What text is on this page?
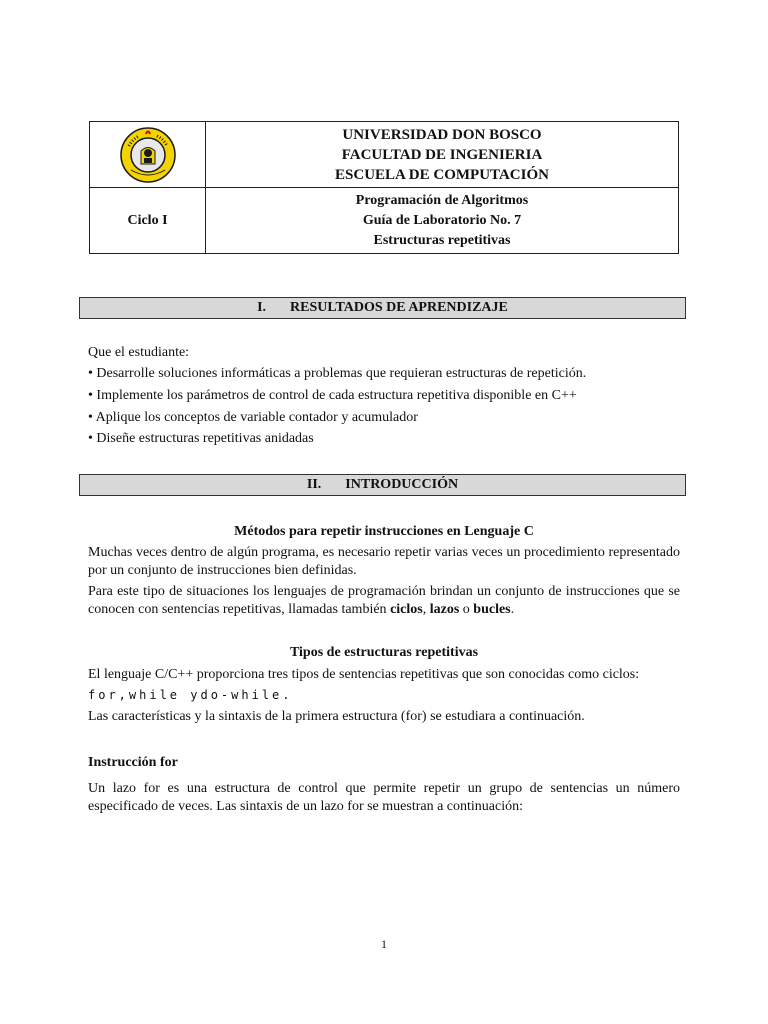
UNIVERSIDAD DON BOSCO
FACULTAD DE INGENIERIA
ESCUELA DE COMPUTACIÓN
Ciclo I
Programación de Algoritmos
Guía de Laboratorio No. 7
Estructuras repetitivas
I. RESULTADOS DE APRENDIZAJE
Que el estudiante:
• Desarrolle soluciones informáticas a problemas que requieran estructuras de repetición.
• Implemente los parámetros de control de cada estructura repetitiva disponible en C++
• Aplique los conceptos de variable contador y acumulador
• Diseñe estructuras repetitivas anidadas
II. INTRODUCCIÓN
Métodos para repetir instrucciones en Lenguaje C
Muchas veces dentro de algún programa, es necesario repetir varias veces un procedimiento representado por un conjunto de instrucciones bien definidas.
Para este tipo de situaciones los lenguajes de programación brindan un conjunto de instrucciones que se conocen con sentencias repetitivas, llamadas también ciclos, lazos o bucles.
Tipos de estructuras repetitivas
El lenguaje C/C++ proporciona tres tipos de sentencias repetitivas que son conocidas como ciclos:
for,while ydo-while.
Las características y la sintaxis de la primera estructura (for) se estudiara a continuación.
Instrucción for
Un lazo for es una estructura de control que permite repetir un grupo de sentencias un número especificado de veces. Las sintaxis de un lazo for se muestran a continuación:
1
